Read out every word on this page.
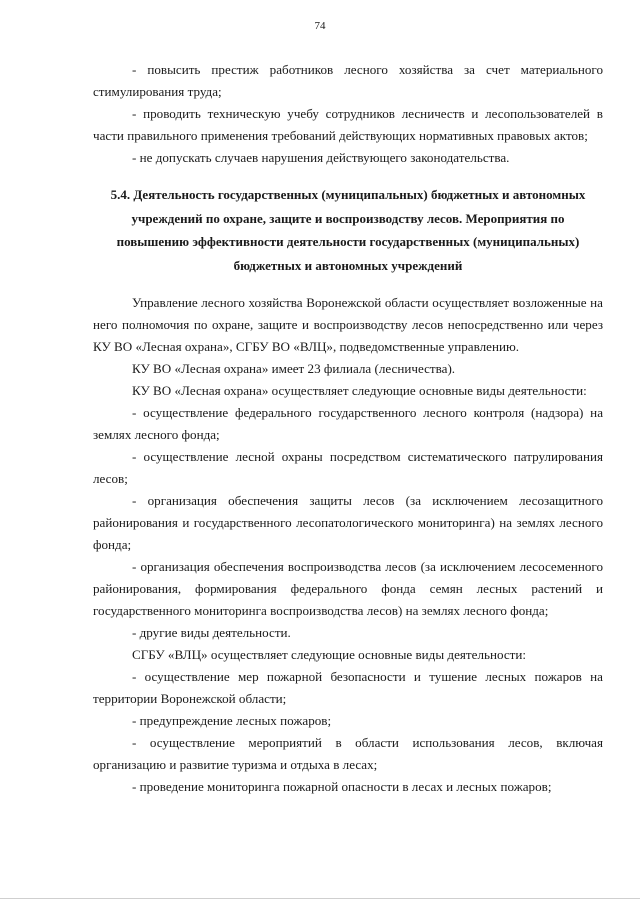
74

- повысить престиж работников лесного хозяйства за счет материального стимулирования труда;

- проводить техническую учебу сотрудников лесничеств и лесопользователей в части правильного применения требований действующих нормативных правовых актов;

- не допускать случаев нарушения действующего законодательства.

5.4. Деятельность государственных (муниципальных) бюджетных и автономных учреждений по охране, защите и воспроизводству лесов. Мероприятия по повышению эффективности деятельности государственных (муниципальных) бюджетных и автономных учреждений

Управление лесного хозяйства Воронежской области осуществляет возложенные на него полномочия по охране, защите и воспроизводству лесов непосредственно или через КУ ВО «Лесная охрана», СГБУ ВО «ВЛЦ», подведомственные управлению.

КУ ВО «Лесная охрана» имеет 23 филиала (лесничества).

КУ ВО «Лесная охрана» осуществляет следующие основные виды деятельности:

- осуществление федерального государственного лесного контроля (надзора) на землях лесного фонда;

- осуществление лесной охраны посредством систематического патрулирования лесов;

- организация обеспечения защиты лесов (за исключением лесозащитного районирования и государственного лесопатологического мониторинга) на землях лесного фонда;

- организация обеспечения воспроизводства лесов (за исключением лесосеменного районирования, формирования федерального фонда семян лесных растений и государственного мониторинга воспроизводства лесов) на землях лесного фонда;

- другие виды деятельности.

СГБУ «ВЛЦ» осуществляет следующие основные виды деятельности:

- осуществление мер пожарной безопасности и тушение лесных пожаров на территории Воронежской области;

- предупреждение лесных пожаров;

- осуществление мероприятий в области использования лесов, включая организацию и развитие туризма и отдыха в лесах;

- проведение мониторинга пожарной опасности в лесах и лесных пожаров;
